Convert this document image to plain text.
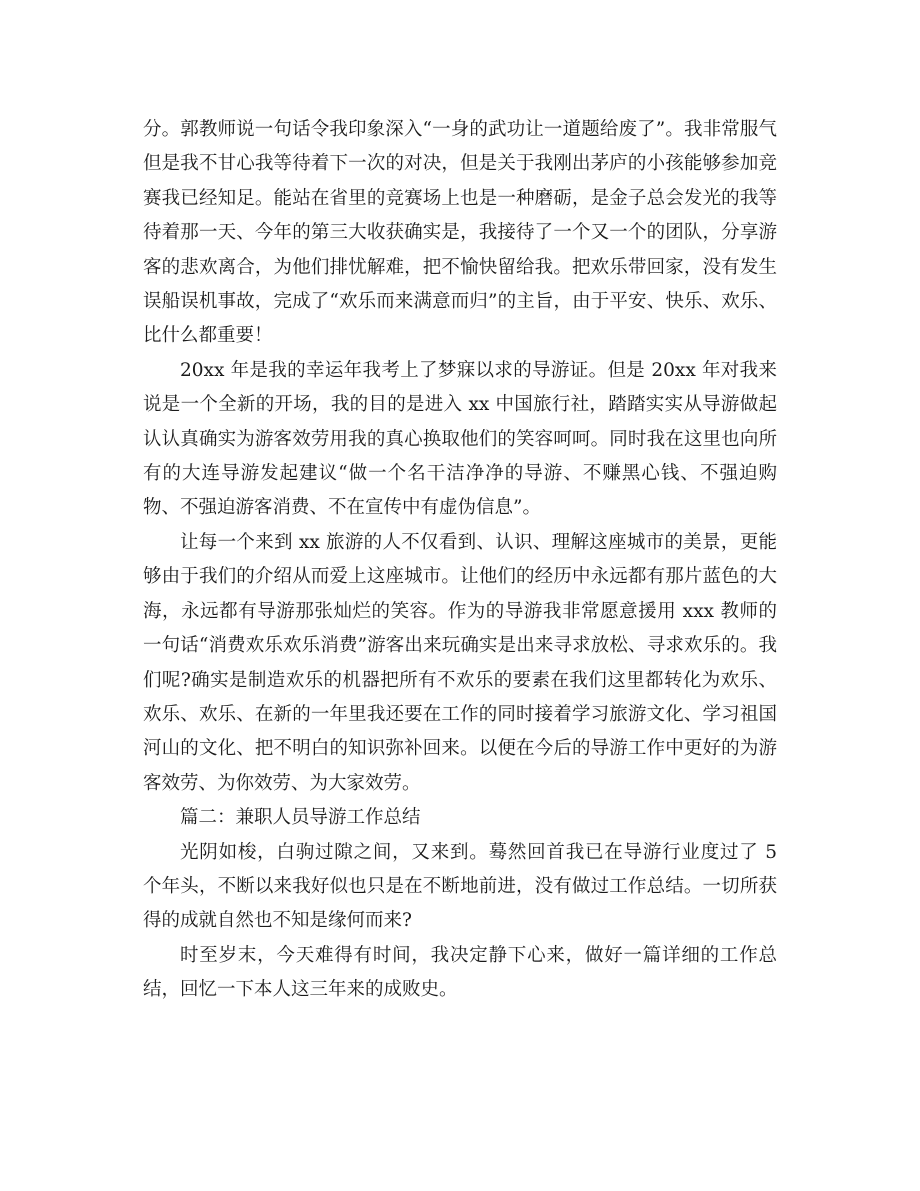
分。郭教师说一句话令我印象深入“一身的武功让一道题给废了”。我非常服气但是我不甘心我等待着下一次的对决，但是关于我刚出茅庐的小孩能够参加竞赛我已经知足。能站在省里的竞赛场上也是一种磨砺，是金子总会发光的我等待着那一天、今年的第三大收获确实是，我接待了一个又一个的团队，分享游客的悲欢离合，为他们排忧解难，把不愉快留给我。把欢乐带回家，没有发生误船误机事故，完成了“欢乐而来满意而归”的主旨，由于平安、快乐、欢乐、比什么都重要！

20xx 年是我的幸运年我考上了梦寐以求的导游证。但是 20xx 年对我来说是一个全新的开场，我的目的是进入 xx 中国旅行社，踏踏实实从导游做起认认真确实为游客效劳用我的真心换取他们的笑容呵呵。同时我在这里也向所有的大连导游发起建议“做一个名干洁净净的导游、不赚黑心钱、不强迫购物、不强迫游客消费、不在宣传中有虚伪信息”。

让每一个来到 xx 旅游的人不仅看到、认识、理解这座城市的美景，更能够由于我们的介绍从而爱上这座城市。让他们的经历中永远都有那片蓝色的大海，永远都有导游那张灿烂的笑容。作为的导游我非常愿意援用 xxx 教师的一句话“消费欢乐欢乐消费”游客出来玩确实是出来寻求放松、寻求欢乐的。我们呢?确实是制造欢乐的机器把所有不欢乐的要素在我们这里都转化为欢乐、欢乐、欢乐、在新的一年里我还要在工作的同时接着学习旅游文化、学习祖国河山的文化、把不明白的知识弥补回来。以便在今后的导游工作中更好的为游客效劳、为你效劳、为大家效劳。

篇二：兼职人员导游工作总结

光阴如梭，白驹过隙之间，又来到。蓦然回首我已在导游行业度过了 5 个年头，不断以来我好似也只是在不断地前进，没有做过工作总结。一切所获得的成就自然也不知是缘何而来?

时至岁末，今天难得有时间，我决定静下心来，做好一篇详细的工作总结，回忆一下本人这三年来的成败史。
